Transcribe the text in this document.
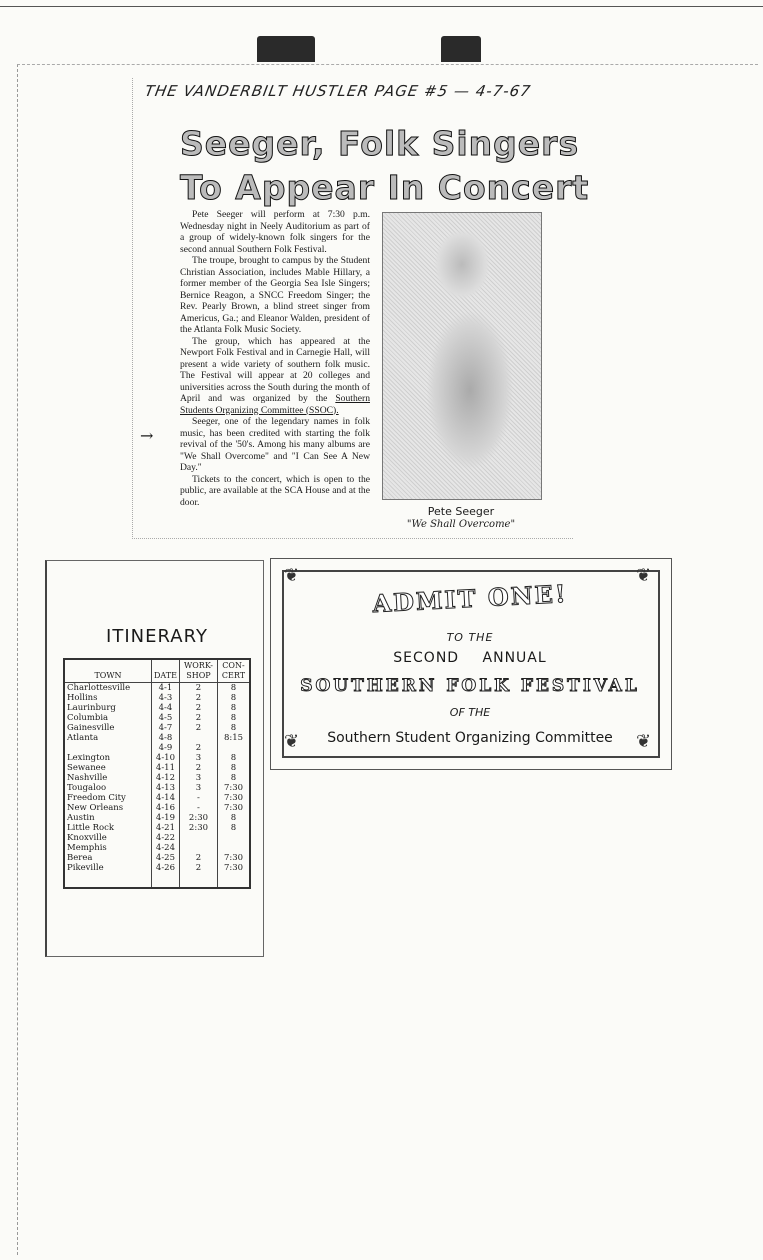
THE VANDERBILT HUSTLER PAGE #5 — 4-7-67
Seeger, Folk Singers
To Appear In Concert

Pete Seeger will perform at 7:30 p.m. Wednesday night in Neely Auditorium as part of a group of widely-known folk singers for the second annual Southern Folk Festival.

The troupe, brought to campus by the Student Christian Association, includes Mable Hillary, a former member of the Georgia Sea Isle Singers; Bernice Reagon, a SNCC Freedom Singer; the Rev. Pearly Brown, a blind street singer from Americus, Ga.; and Eleanor Walden, president of the Atlanta Folk Music Society.

The group, which has appeared at the Newport Folk Festival and in Carnegie Hall, will present a wide variety of southern folk music. The Festival will appear at 20 colleges and universities across the South during the month of April and was organized by the Southern Students Organizing Committee (SSOC).

Seeger, one of the legendary names in folk music, has been credited with starting the folk revival of the '50's. Among his many albums are "We Shall Overcome" and "I Can See A New Day."

Tickets to the concert, which is open to the public, are available at the SCA House and at the door.

→
Pete Seeger
"We Shall Overcome"
ITINERARY
TOWN	DATE	WORK-SHOP	CON-CERT
Charlottesville	4-1	2	8
Hollins	4-3	2	8
Laurinburg	4-4	2	8
Columbia	4-5	2	8
Gainesville	4-7	2	8
Atlanta	4-8		8:15
	4-9	2	
Lexington	4-10	3	8
Sewanee	4-11	2	8
Nashville	4-12	3	8
Tougaloo	4-13	3	7:30
Freedom City	4-14	-	7:30
New Orleans	4-16	-	7:30
Austin	4-19	2:30	8
Little Rock	4-21	2:30	8
Knoxville	4-22		
Memphis	4-24		
Berea	4-25	2	7:30
Pikeville	4-26	2	7:30
❦	❦
❦	❦
ADMIT ONE!
TO THE
SECOND ANNUAL
SOUTHERN FOLK FESTIVAL
OF THE
Southern Student Organizing Committee
